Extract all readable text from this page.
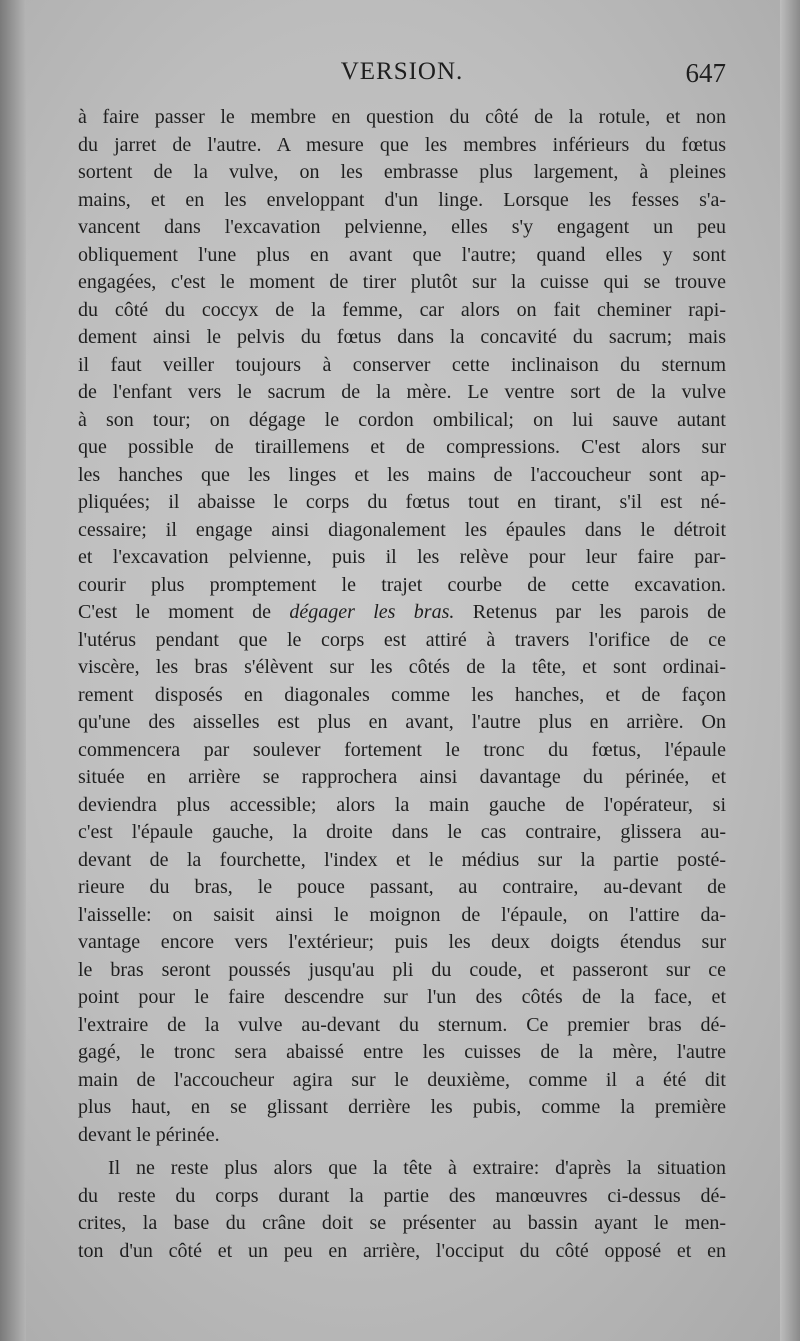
VERSION.	647
à faire passer le membre en question du côté de la rotule, et non
du jarret de l'autre. A mesure que les membres inférieurs du fœtus
sortent de la vulve, on les embrasse plus largement, à pleines
mains, et en les enveloppant d'un linge. Lorsque les fesses s'a-
vancent dans l'excavation pelvienne, elles s'y engagent un peu
obliquement l'une plus en avant que l'autre; quand elles y sont
engagées, c'est le moment de tirer plutôt sur la cuisse qui se trouve
du côté du coccyx de la femme, car alors on fait cheminer rapi-
dement ainsi le pelvis du fœtus dans la concavité du sacrum; mais
il faut veiller toujours à conserver cette inclinaison du sternum
de l'enfant vers le sacrum de la mère. Le ventre sort de la vulve
à son tour; on dégage le cordon ombilical; on lui sauve autant
que possible de tiraillemens et de compressions. C'est alors sur
les hanches que les linges et les mains de l'accoucheur sont ap-
pliquées; il abaisse le corps du fœtus tout en tirant, s'il est né-
cessaire; il engage ainsi diagonalement les épaules dans le détroit
et l'excavation pelvienne, puis il les relève pour leur faire par-
courir plus promptement le trajet courbe de cette excavation.
C'est le moment de dégager les bras. Retenus par les parois de
l'utérus pendant que le corps est attiré à travers l'orifice de ce
viscère, les bras s'élèvent sur les côtés de la tête, et sont ordinai-
rement disposés en diagonales comme les hanches, et de façon
qu'une des aisselles est plus en avant, l'autre plus en arrière. On
commencera par soulever fortement le tronc du fœtus, l'épaule
située en arrière se rapprochera ainsi davantage du périnée, et
deviendra plus accessible; alors la main gauche de l'opérateur, si
c'est l'épaule gauche, la droite dans le cas contraire, glissera au-
devant de la fourchette, l'index et le médius sur la partie posté-
rieure du bras, le pouce passant, au contraire, au-devant de
l'aisselle: on saisit ainsi le moignon de l'épaule, on l'attire da-
vantage encore vers l'extérieur; puis les deux doigts étendus sur
le bras seront poussés jusqu'au pli du coude, et passeront sur ce
point pour le faire descendre sur l'un des côtés de la face, et
l'extraire de la vulve au-devant du sternum. Ce premier bras dé-
gagé, le tronc sera abaissé entre les cuisses de la mère, l'autre
main de l'accoucheur agira sur le deuxième, comme il a été dit
plus haut, en se glissant derrière les pubis, comme la première
devant le périnée.
Il ne reste plus alors que la tête à extraire: d'après la situation
du reste du corps durant la partie des manœuvres ci-dessus dé-
crites, la base du crâne doit se présenter au bassin ayant le men-
ton d'un côté et un peu en arrière, l'occiput du côté opposé et en
